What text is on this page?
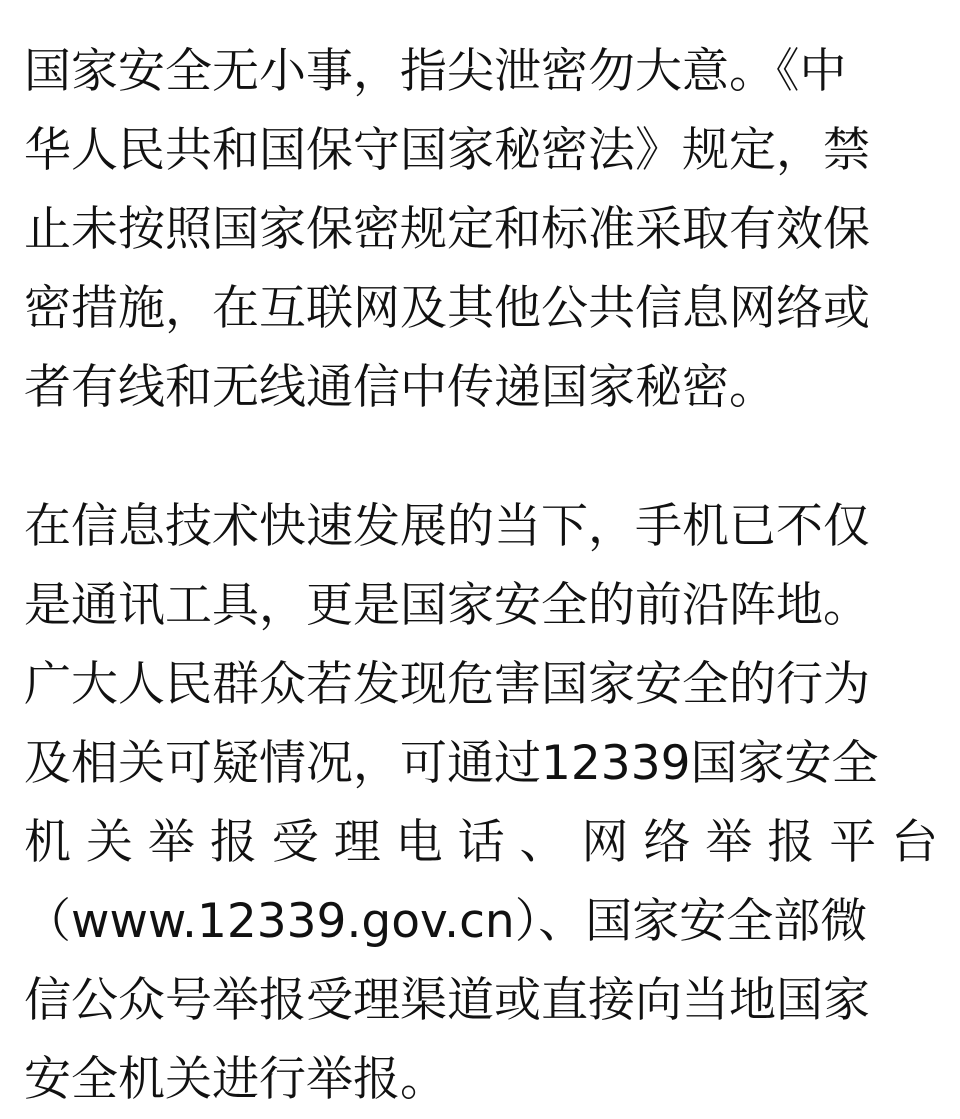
国家安全无小事，指尖泄密勿大意。《中
华人民共和国保守国家秘密法》规定，禁
止未按照国家保密规定和标准采取有效保
密措施，在互联网及其他公共信息网络或
者有线和无线通信中传递国家秘密。
在信息技术快速发展的当下，手机已不仅
是通讯工具，更是国家安全的前沿阵地。
广大人民群众若发现危害国家安全的行为
及相关可疑情况，可通过12339国家安全
机 关 举 报 受 理 电 话 、 网 络 举 报 平 台
（www.12339.gov.cn）、国家安全部微
信公众号举报受理渠道或直接向当地国家
安全机关进行举报。
